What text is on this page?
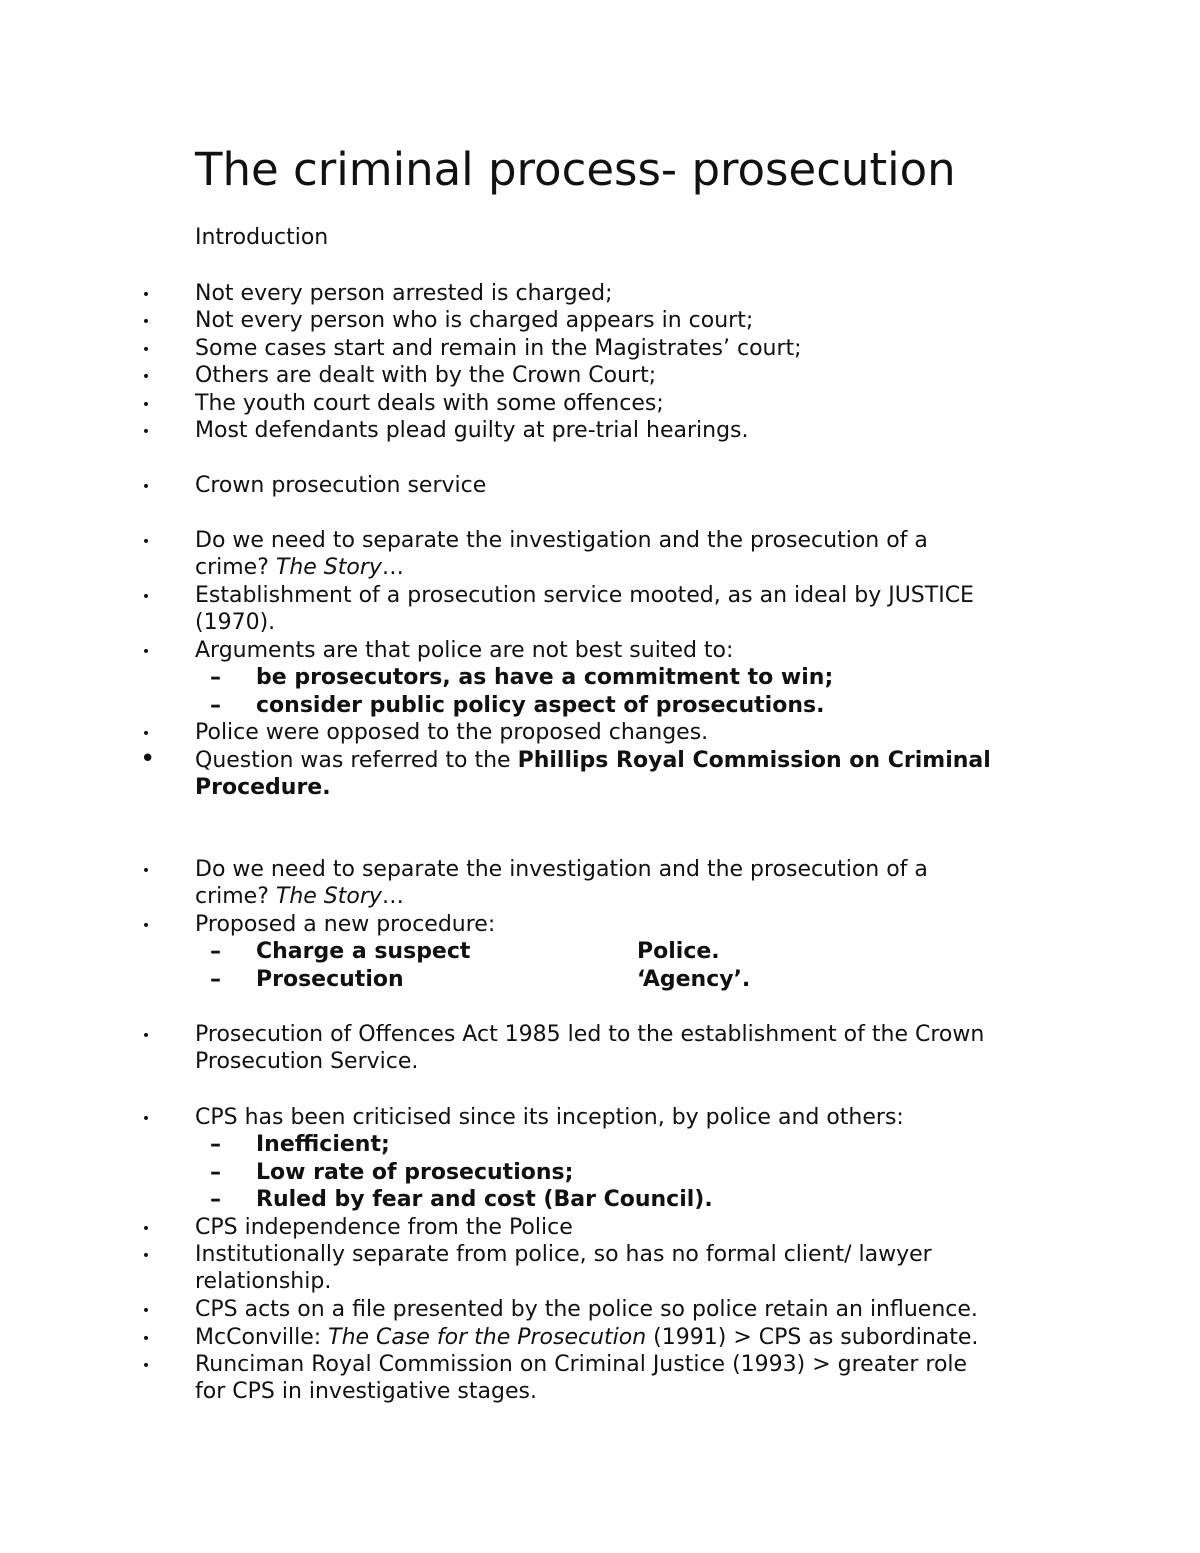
The criminal process- prosecution

Introduction

• Not every person arrested is charged;
• Not every person who is charged appears in court;
• Some cases start and remain in the Magistrates’ court;
• Others are dealt with by the Crown Court;
• The youth court deals with some offences;
• Most defendants plead guilty at pre-trial hearings.
• Crown prosecution service
• Do we need to separate the investigation and the prosecution of a
crime? The Story…
• Establishment of a prosecution service mooted, as an ideal by JUSTICE
(1970).
• Arguments are that police are not best suited to:
– be prosecutors, as have a commitment to win;
– consider public policy aspect of prosecutions.
• Police were opposed to the proposed changes.
• Question was referred to the Phillips Royal Commission on Criminal
Procedure.
• Do we need to separate the investigation and the prosecution of a
crime? The Story…
• Proposed a new procedure:
– Charge a suspect	Police.
– Prosecution	‘Agency’.
• Prosecution of Offences Act 1985 led to the establishment of the Crown
Prosecution Service.
• CPS has been criticised since its inception, by police and others:
– Inefficient;
– Low rate of prosecutions;
– Ruled by fear and cost (Bar Council).
• CPS independence from the Police
• Institutionally separate from police, so has no formal client/ lawyer
relationship.
• CPS acts on a file presented by the police so police retain an influence.
• McConville: The Case for the Prosecution (1991) > CPS as subordinate.
• Runciman Royal Commission on Criminal Justice (1993) > greater role
for CPS in investigative stages.
